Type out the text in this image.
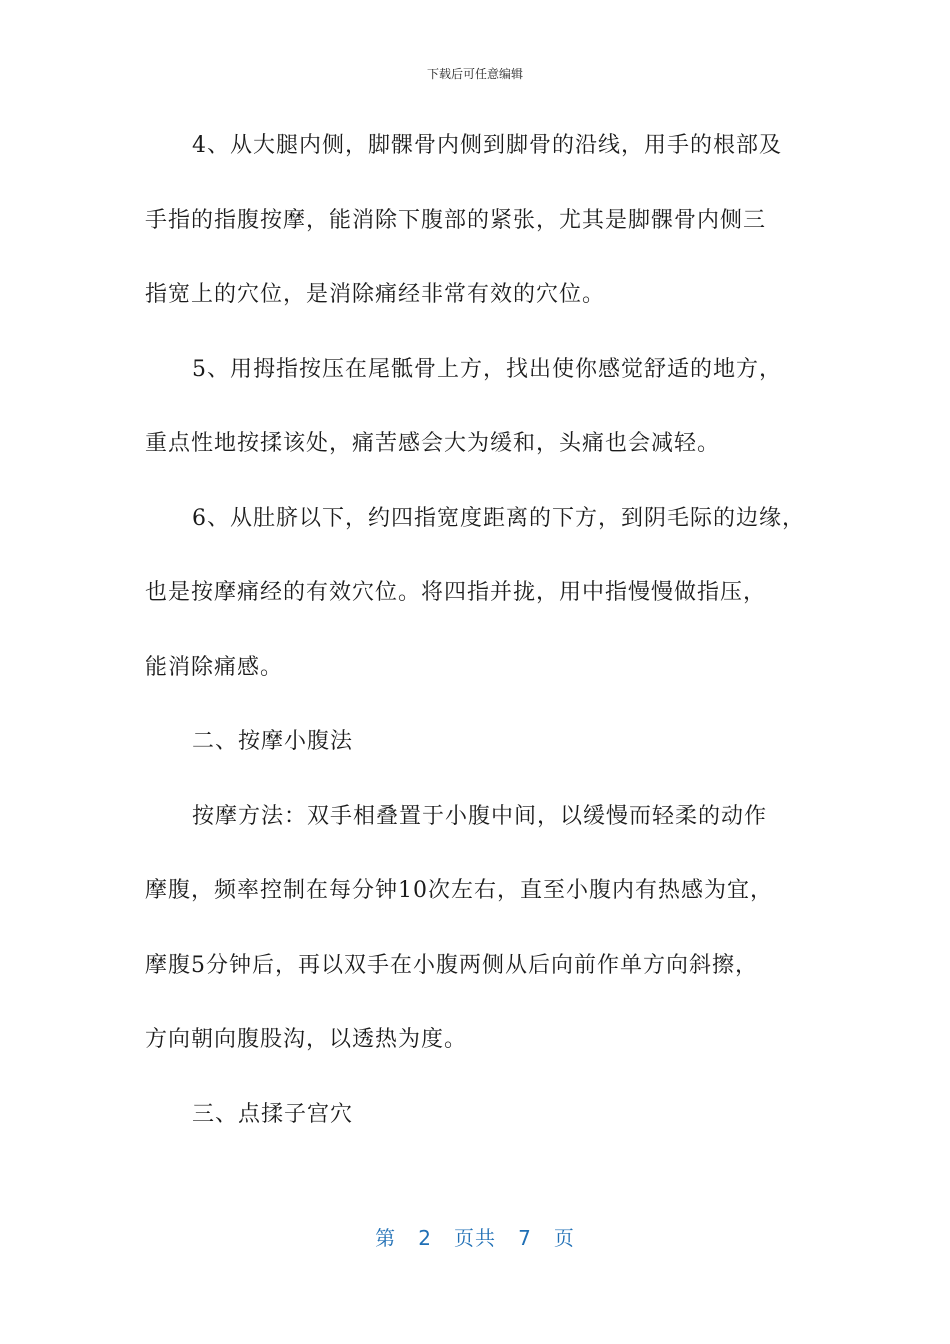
下载后可任意编辑
4、从大腿内侧，脚髁骨内侧到脚骨的沿线，用手的根部及
手指的指腹按摩，能消除下腹部的紧张，尤其是脚髁骨内侧三
指宽上的穴位，是消除痛经非常有效的穴位。
5、用拇指按压在尾骶骨上方，找出使你感觉舒适的地方，
重点性地按揉该处，痛苦感会大为缓和，头痛也会减轻。
6、从肚脐以下，约四指宽度距离的下方，到阴毛际的边缘，
也是按摩痛经的有效穴位。将四指并拢，用中指慢慢做指压，
能消除痛感。
二、按摩小腹法
按摩方法：双手相叠置于小腹中间，以缓慢而轻柔的动作
摩腹，频率控制在每分钟10次左右，直至小腹内有热感为宜，
摩腹5分钟后，再以双手在小腹两侧从后向前作单方向斜擦，
方向朝向腹股沟，以透热为度。
三、点揉子宫穴
第 2 页共 7 页
